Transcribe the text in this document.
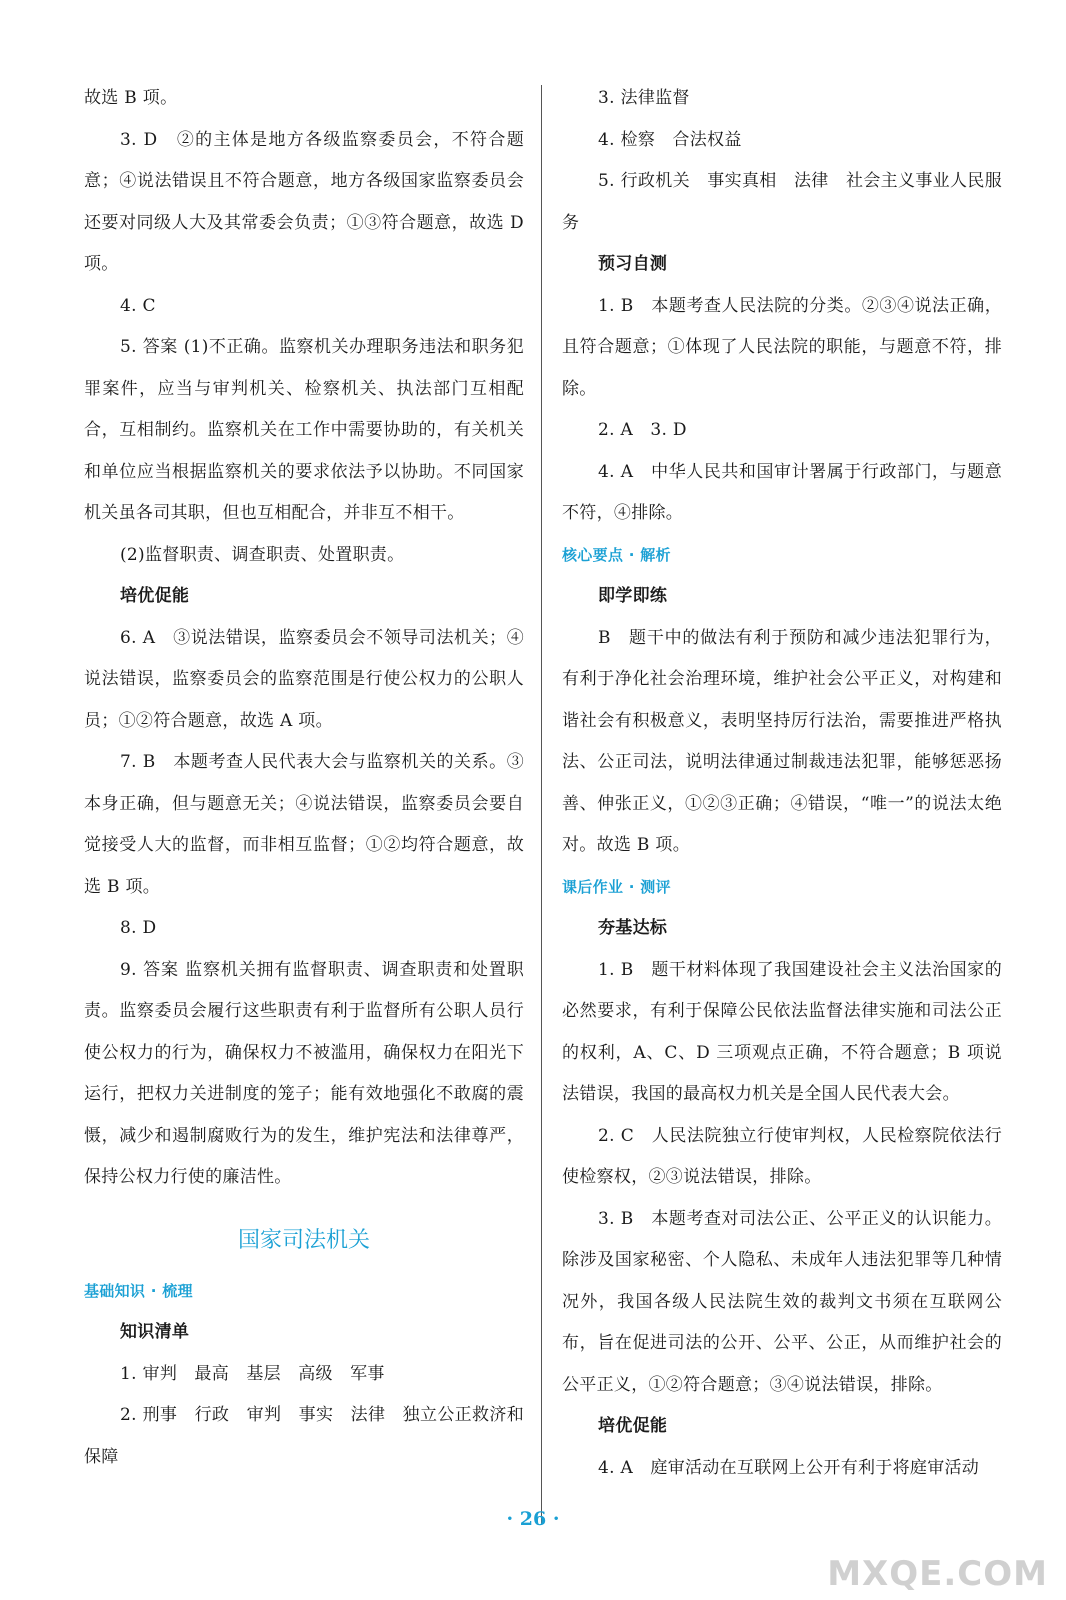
故选 B 项。

3. D　②的主体是地方各级监察委员会，不符合题意；④说法错误且不符合题意，地方各级国家监察委员会还要对同级人大及其常委会负责；①③符合题意，故选 D 项。

4. C

5. 答案 (1)不正确。监察机关办理职务违法和职务犯罪案件，应当与审判机关、检察机关、执法部门互相配合，互相制约。监察机关在工作中需要协助的，有关机关和单位应当根据监察机关的要求依法予以协助。不同国家机关虽各司其职，但也互相配合，并非互不相干。

(2)监督职责、调查职责、处置职责。

培优促能

6. A　③说法错误，监察委员会不领导司法机关；④说法错误，监察委员会的监察范围是行使公权力的公职人员；①②符合题意，故选 A 项。

7. B　本题考查人民代表大会与监察机关的关系。③本身正确，但与题意无关；④说法错误，监察委员会要自觉接受人大的监督，而非相互监督；①②均符合题意，故选 B 项。

8. D

9. 答案 监察机关拥有监督职责、调查职责和处置职责。监察委员会履行这些职责有利于监督所有公职人员行使公权力的行为，确保权力不被滥用，确保权力在阳光下运行，把权力关进制度的笼子；能有效地强化不敢腐的震慑，减少和遏制腐败行为的发生，维护宪法和法律尊严，保持公权力行使的廉洁性。

国家司法机关

基础知识 · 梳理

知识清单

1. 审判　最高　基层　高级　军事

2. 刑事　行政　审判　事实　法律　独立公正救济和保障

3. 法律监督

4. 检察　合法权益

5. 行政机关　事实真相　法律　社会主义事业人民服务

预习自测

1. B　本题考查人民法院的分类。②③④说法正确，且符合题意；①体现了人民法院的职能，与题意不符，排除。

2. A　3. D

4. A　中华人民共和国审计署属于行政部门，与题意不符，④排除。

核心要点 · 解析

即学即练

B　题干中的做法有利于预防和减少违法犯罪行为，有利于净化社会治理环境，维护社会公平正义，对构建和谐社会有积极意义，表明坚持厉行法治，需要推进严格执法、公正司法，说明法律通过制裁违法犯罪，能够惩恶扬善、伸张正义，①②③正确；④错误，“唯一”的说法太绝对。故选 B 项。

课后作业 · 测评

夯基达标

1. B　题干材料体现了我国建设社会主义法治国家的必然要求，有利于保障公民依法监督法律实施和司法公正的权利，A、C、D 三项观点正确，不符合题意；B 项说法错误，我国的最高权力机关是全国人民代表大会。

2. C　人民法院独立行使审判权，人民检察院依法行使检察权，②③说法错误，排除。

3. B　本题考查对司法公正、公平正义的认识能力。除涉及国家秘密、个人隐私、未成年人违法犯罪等几种情况外，我国各级人民法院生效的裁判文书须在互联网公布，旨在促进司法的公开、公平、公正，从而维护社会的公平正义，①②符合题意；③④说法错误，排除。

培优促能

4. A　庭审活动在互联网上公开有利于将庭审活动

· 26 ·
MXQE.COM
